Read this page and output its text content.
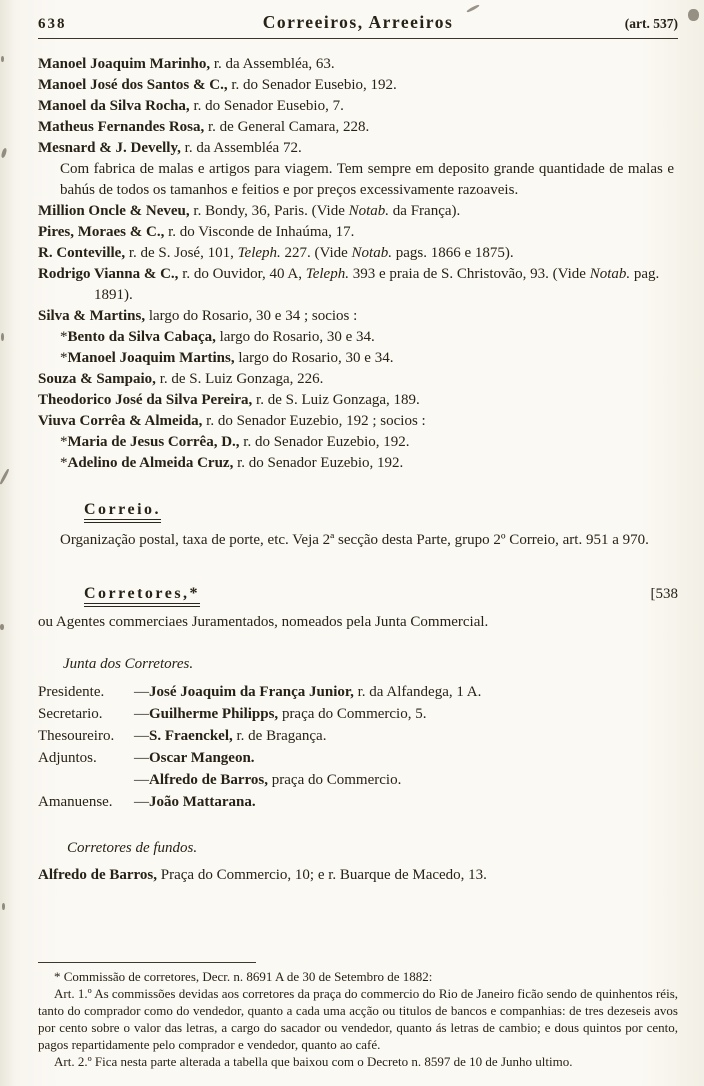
638	Correeiros, Arreeiros	(art. 537)

Manoel Joaquim Marinho, r. da Assembléa, 63.

Manoel José dos Santos & C., r. do Senador Eusebio, 192.

Manoel da Silva Rocha, r. do Senador Eusebio, 7.

Matheus Fernandes Rosa, r. de General Camara, 228.

Mesnard & J. Develly, r. da Assembléa 72.

Com fabrica de malas e artigos para viagem. Tem sempre em deposito grande quantidade de malas e bahús de todos os tamanhos e feitios e por preços excessivamente razoaveis.

Million Oncle & Neveu, r. Bondy, 36, Paris. (Vide Notab. da França).

Pires, Moraes & C., r. do Visconde de Inhaúma, 17.

R. Conteville, r. de S. José, 101, Teleph. 227. (Vide Notab. pags. 1866 e 1875).

Rodrigo Vianna & C., r. do Ouvidor, 40 A, Teleph. 393 e praia de S. Christovão, 93. (Vide Notab. pag. 1891).

Silva & Martins, largo do Rosario, 30 e 34 ; socios :

*Bento da Silva Cabaça, largo do Rosario, 30 e 34.

*Manoel Joaquim Martins, largo do Rosario, 30 e 34.

Souza & Sampaio, r. de S. Luiz Gonzaga, 226.

Theodorico José da Silva Pereira, r. de S. Luiz Gonzaga, 189.

Viuva Corrêa & Almeida, r. do Senador Euzebio, 192 ; socios :

*Maria de Jesus Corrêa, D., r. do Senador Euzebio, 192.

*Adelino de Almeida Cruz, r. do Senador Euzebio, 192.

Correio.

Organização postal, taxa de porte, etc. Veja 2ª secção desta Parte, grupo 2º Correio, art. 951 a 970.

Corretores,*	[538

ou Agentes commerciaes Juramentados, nomeados pela Junta Commercial.

Junta dos Corretores.
Presidente.	—José Joaquim da França Junior, r. da Alfandega, 1 A.
Secretario.	—Guilherme Philipps, praça do Commercio, 5.
Thesoureiro.	—S. Fraenckel, r. de Bragança.
Adjuntos.	—Oscar Mangeon.
—Alfredo de Barros, praça do Commercio.
Amanuense.	—João Mattarana.
Corretores de fundos.

Alfredo de Barros, Praça do Commercio, 10; e r. Buarque de Macedo, 13.

* Commissão de corretores, Decr. n. 8691 A de 30 de Setembro de 1882:

Art. 1.º As commissões devidas aos corretores da praça do commercio do Rio de Janeiro ficão sendo de quinhentos réis, tanto do comprador como do vendedor, quanto a cada uma acção ou titulos de bancos e companhias: de tres dezeseis avos por cento sobre o valor das letras, a cargo do sacador ou vendedor, quanto ás letras de cambio; e dous quintos por cento, pagos repartidamente pelo comprador e vendedor, quanto ao café.

Art. 2.º Fica nesta parte alterada a tabella que baixou com o Decreto n. 8597 de 10 de Junho ultimo.
